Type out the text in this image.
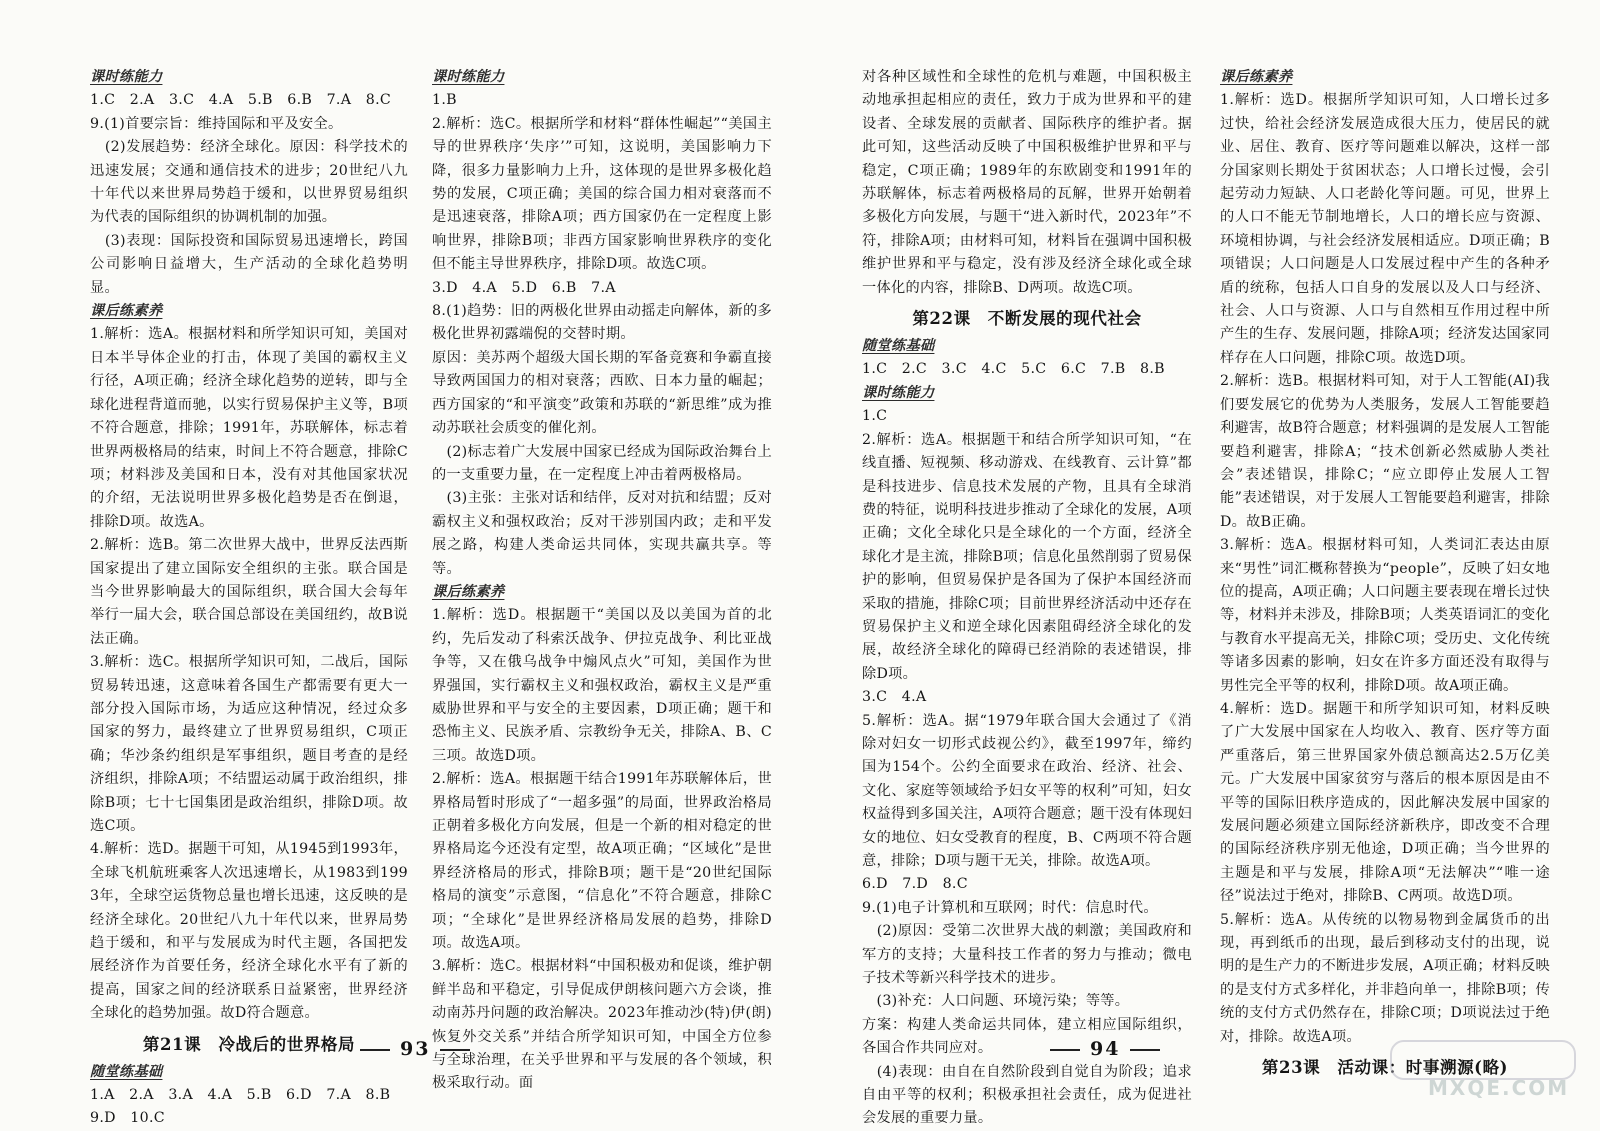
课时练能力

1.C　2.A　3.C　4.A　5.B　6.B　7.A　8.C

9.(1)首要宗旨：维持国际和平及安全。

　(2)发展趋势：经济全球化。原因：科学技术的迅速发展；交通和通信技术的进步；20世纪八九十年代以来世界局势趋于缓和，以世界贸易组织为代表的国际组织的协调机制的加强。

　(3)表现：国际投资和国际贸易迅速增长，跨国公司影响日益增大，生产活动的全球化趋势明显。

课后练素养

1.解析：选A。根据材料和所学知识可知，美国对日本半导体企业的打击，体现了美国的霸权主义行径，A项正确；经济全球化趋势的逆转，即与全球化进程背道而驰，以实行贸易保护主义等，B项不符合题意，排除；1991年，苏联解体，标志着世界两极格局的结束，时间上不符合题意，排除C项；材料涉及美国和日本，没有对其他国家状况的介绍，无法说明世界多极化趋势是否在倒退，排除D项。故选A。

2.解析：选B。第二次世界大战中，世界反法西斯国家提出了建立国际安全组织的主张。联合国是当今世界影响最大的国际组织，联合国大会每年举行一届大会，联合国总部设在美国纽约，故B说法正确。

3.解析：选C。根据所学知识可知，二战后，国际贸易转迅速，这意味着各国生产都需要有更大一部分投入国际市场，为适应这种情况，经过众多国家的努力，最终建立了世界贸易组织，C项正确；华沙条约组织是军事组织，题目考查的是经济组织，排除A项；不结盟运动属于政治组织，排除B项；七十七国集团是政治组织，排除D项。故选C项。

4.解析：选D。据题干可知，从1945到1993年，全球飞机航班乘客人次迅速增长，从1983到1993年，全球空运货物总量也增长迅速，这反映的是经济全球化。20世纪八九十年代以来，世界局势趋于缓和，和平与发展成为时代主题，各国把发展经济作为首要任务，经济全球化水平有了新的提高，国家之间的经济联系日益紧密，世界经济全球化的趋势加强。故D符合题意。

第21课　冷战后的世界格局

随堂练基础

1.A　2.A　3.A　4.A　5.B　6.D　7.A　8.B

9.D　10.C

课时练能力

1.B

2.解析：选C。根据所学和材料“群体性崛起”“美国主导的世界秩序‘失序’”可知，这说明，美国影响力下降，很多力量影响力上升，这体现的是世界多极化趋势的发展，C项正确；美国的综合国力相对衰落而不是迅速衰落，排除A项；西方国家仍在一定程度上影响世界，排除B项；非西方国家影响世界秩序的变化但不能主导世界秩序，排除D项。故选C项。

3.D　4.A　5.D　6.B　7.A

8.(1)趋势：旧的两极化世界由动摇走向解体，新的多极化世界初露端倪的交替时期。

原因：美苏两个超级大国长期的军备竞赛和争霸直接导致两国国力的相对衰落；西欧、日本力量的崛起；西方国家的“和平演变”政策和苏联的“新思维”成为推动苏联社会质变的催化剂。

　(2)标志着广大发展中国家已经成为国际政治舞台上的一支重要力量，在一定程度上冲击着两极格局。

　(3)主张：主张对话和结伴，反对对抗和结盟；反对霸权主义和强权政治；反对干涉别国内政；走和平发展之路，构建人类命运共同体，实现共赢共享。等等。

课后练素养

1.解析：选D。根据题干“美国以及以美国为首的北约，先后发动了科索沃战争、伊拉克战争、利比亚战争等，又在俄乌战争中煽风点火”可知，美国作为世界强国，实行霸权主义和强权政治，霸权主义是严重威胁世界和平与安全的主要因素，D项正确；题干和恐怖主义、民族矛盾、宗教纷争无关，排除A、B、C三项。故选D项。

2.解析：选A。根据题干结合1991年苏联解体后，世界格局暂时形成了“一超多强”的局面，世界政治格局正朝着多极化方向发展，但是一个新的相对稳定的世界格局迄今还没有定型，故A项正确；“区域化”是世界经济格局的形式，排除B项；题干是“20世纪国际格局的演变”示意图，“信息化”不符合题意，排除C项；“全球化”是世界经济格局发展的趋势，排除D项。故选A项。

3.解析：选C。根据材料“中国积极劝和促谈，维护朝鲜半岛和平稳定，引导促成伊朗核问题六方会谈，推动南苏丹问题的政治解决。2023年推动沙(特)伊(朗)恢复外交关系”并结合所学知识可知，中国全方位参与全球治理，在关乎世界和平与发展的各个领域，积极采取行动。面

93

对各种区域性和全球性的危机与难题，中国积极主动地承担起相应的责任，致力于成为世界和平的建设者、全球发展的贡献者、国际秩序的维护者。据此可知，这些活动反映了中国积极维护世界和平与稳定，C项正确；1989年的东欧剧变和1991年的苏联解体，标志着两极格局的瓦解，世界开始朝着多极化方向发展，与题干“进入新时代，2023年”不符，排除A项；由材料可知，材料旨在强调中国积极维护世界和平与稳定，没有涉及经济全球化或全球一体化的内容，排除B、D两项。故选C项。

第22课　不断发展的现代社会

随堂练基础

1.C　2.C　3.C　4.C　5.C　6.C　7.B　8.B

课时练能力

1.C

2.解析：选A。根据题干和结合所学知识可知，“在线直播、短视频、移动游戏、在线教育、云计算”都是科技进步、信息技术发展的产物，且具有全球消费的特征，说明科技进步推动了全球化的发展，A项正确；文化全球化只是全球化的一个方面，经济全球化才是主流，排除B项；信息化虽然削弱了贸易保护的影响，但贸易保护是各国为了保护本国经济而采取的措施，排除C项；目前世界经济活动中还存在贸易保护主义和逆全球化因素阻碍经济全球化的发展，故经济全球化的障碍已经消除的表述错误，排除D项。

3.C　4.A

5.解析：选A。据“1979年联合国大会通过了《消除对妇女一切形式歧视公约》，截至1997年，缔约国为154个。公约全面要求在政治、经济、社会、文化、家庭等领域给予妇女平等的权利”可知，妇女权益得到多国关注，A项符合题意；题干没有体现妇女的地位、妇女受教育的程度，B、C两项不符合题意，排除；D项与题干无关，排除。故选A项。

6.D　7.D　8.C

9.(1)电子计算机和互联网；时代：信息时代。

　(2)原因：受第二次世界大战的刺激；美国政府和军方的支持；大量科技工作者的努力与推动；微电子技术等新兴科学技术的进步。

　(3)补充：人口问题、环境污染；等等。

方案：构建人类命运共同体，建立相应国际组织，各国合作共同应对。

　(4)表现：由自在自然阶段到自觉自为阶段；追求自由平等的权利；积极承担社会责任，成为促进社会发展的重要力量。

课后练素养

1.解析：选D。根据所学知识可知，人口增长过多过快，给社会经济发展造成很大压力，使居民的就业、居住、教育、医疗等问题难以解决，这样一部分国家则长期处于贫困状态；人口增长过慢，会引起劳动力短缺、人口老龄化等问题。可见，世界上的人口不能无节制地增长，人口的增长应与资源、环境相协调，与社会经济发展相适应。D项正确；B项错误；人口问题是人口发展过程中产生的各种矛盾的统称，包括人口自身的发展以及人口与经济、社会、人口与资源、人口与自然相互作用过程中所产生的生存、发展问题，排除A项；经济发达国家同样存在人口问题，排除C项。故选D项。

2.解析：选B。根据材料可知，对于人工智能(AI)我们要发展它的优势为人类服务，发展人工智能要趋利避害，故B符合题意；材料强调的是发展人工智能要趋利避害，排除A；“技术创新必然威胁人类社会”表述错误，排除C；“应立即停止发展人工智能”表述错误，对于发展人工智能要趋利避害，排除D。故B正确。

3.解析：选A。根据材料可知，人类词汇表达由原来“男性”词汇概称替换为“people”，反映了妇女地位的提高，A项正确；人口问题主要表现在增长过快等，材料并未涉及，排除B项；人类英语词汇的变化与教育水平提高无关，排除C项；受历史、文化传统等诸多因素的影响，妇女在许多方面还没有取得与男性完全平等的权利，排除D项。故A项正确。

4.解析：选D。据题干和所学知识可知，材料反映了广大发展中国家在人均收入、教育、医疗等方面严重落后，第三世界国家外债总额高达2.5万亿美元。广大发展中国家贫穷与落后的根本原因是由不平等的国际旧秩序造成的，因此解决发展中国家的发展问题必须建立国际经济新秩序，即改变不合理的国际经济秩序别无他途，D项正确；当今世界的主题是和平与发展，排除A项“无法解决”“唯一途径”说法过于绝对，排除B、C两项。故选D项。

5.解析：选A。从传统的以物易物到金属货币的出现，再到纸币的出现，最后到移动支付的出现，说明的是生产力的不断进步发展，A项正确；材料反映的是支付方式多样化，并非趋向单一，排除B项；传统的支付方式仍然存在，排除C项；D项说法过于绝对，排除。故选A项。

第23课　活动课：时事溯源(略)
94
MXQE.COM
